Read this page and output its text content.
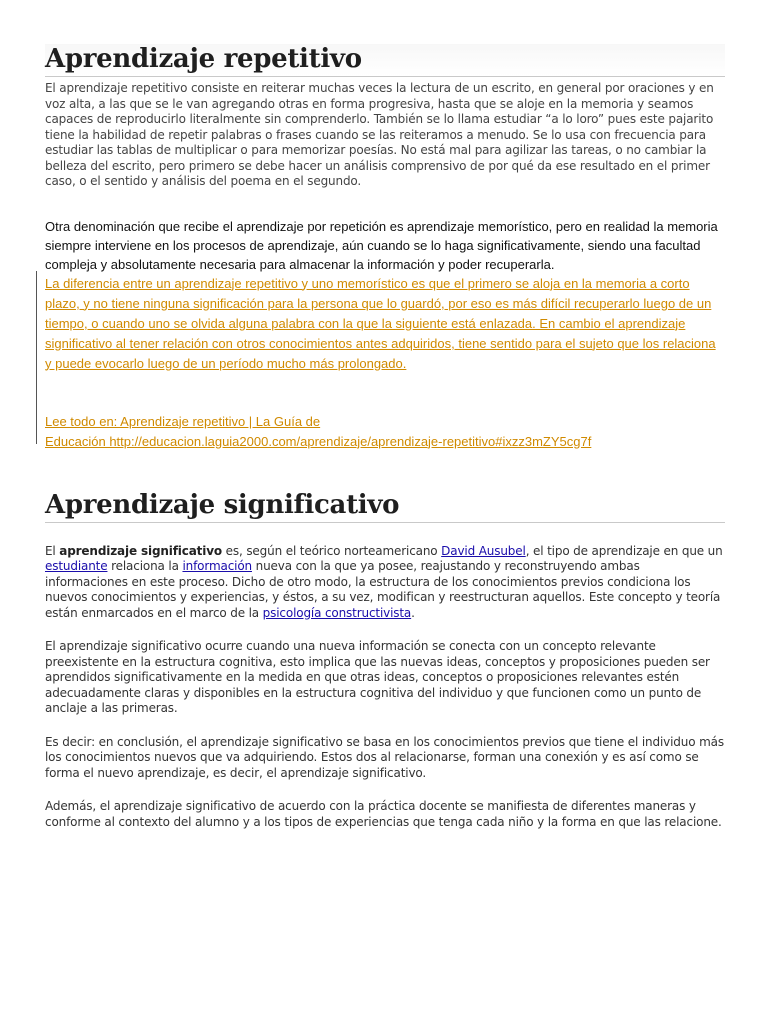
Aprendizaje repetitivo

El aprendizaje repetitivo consiste en reiterar muchas veces la lectura de un escrito, en general por oraciones y en voz alta, a las que se le van agregando otras en forma progresiva, hasta que se aloje en la memoria y seamos capaces de reproducirlo literalmente sin comprenderlo. También se lo llama estudiar “a lo loro” pues este pajarito tiene la habilidad de repetir palabras o frases cuando se las reiteramos a menudo. Se lo usa con frecuencia para estudiar las tablas de multiplicar o para memorizar poesías. No está mal para agilizar las tareas, o no cambiar la belleza del escrito, pero primero se debe hacer un análisis comprensivo de por qué da ese resultado en el primer caso, o el sentido y análisis del poema en el segundo.

Otra denominación que recibe el aprendizaje por repetición es aprendizaje memorístico, pero en realidad la memoria siempre interviene en los procesos de aprendizaje, aún cuando se lo haga significativamente, siendo una facultad compleja y absolutamente necesaria para almacenar la información y poder recuperarla.

La diferencia entre un aprendizaje repetitivo y uno memorístico es que el primero se aloja en la memoria a corto plazo, y no tiene ninguna significación para la persona que lo guardó, por eso es más difícil recuperarlo luego de un tiempo, o cuando uno se olvida alguna palabra con la que la siguiente está enlazada. En cambio el aprendizaje significativo al tener relación con otros conocimientos antes adquiridos, tiene sentido para el sujeto que los relaciona y puede evocarlo luego de un período mucho más prolongado.
Lee todo en: Aprendizaje repetitivo | La Guía de
Educación http://educacion.laguia2000.com/aprendizaje/aprendizaje-repetitivo#ixzz3mZY5cg7f
Aprendizaje significativo

El aprendizaje significativo es, según el teórico norteamericano David Ausubel, el tipo de aprendizaje en que un estudiante relaciona la información nueva con la que ya posee, reajustando y reconstruyendo ambas informaciones en este proceso. Dicho de otro modo, la estructura de los conocimientos previos condiciona los nuevos conocimientos y experiencias, y éstos, a su vez, modifican y reestructuran aquellos. Este concepto y teoría están enmarcados en el marco de la psicología constructivista.

El aprendizaje significativo ocurre cuando una nueva información se conecta con un concepto relevante preexistente en la estructura cognitiva, esto implica que las nuevas ideas, conceptos y proposiciones pueden ser aprendidos significativamente en la medida en que otras ideas, conceptos o proposiciones relevantes estén adecuadamente claras y disponibles en la estructura cognitiva del individuo y que funcionen como un punto de anclaje a las primeras.

Es decir: en conclusión, el aprendizaje significativo se basa en los conocimientos previos que tiene el individuo más los conocimientos nuevos que va adquiriendo. Estos dos al relacionarse, forman una conexión y es así como se forma el nuevo aprendizaje, es decir, el aprendizaje significativo.

Además, el aprendizaje significativo de acuerdo con la práctica docente se manifiesta de diferentes maneras y conforme al contexto del alumno y a los tipos de experiencias que tenga cada niño y la forma en que las relacione.
